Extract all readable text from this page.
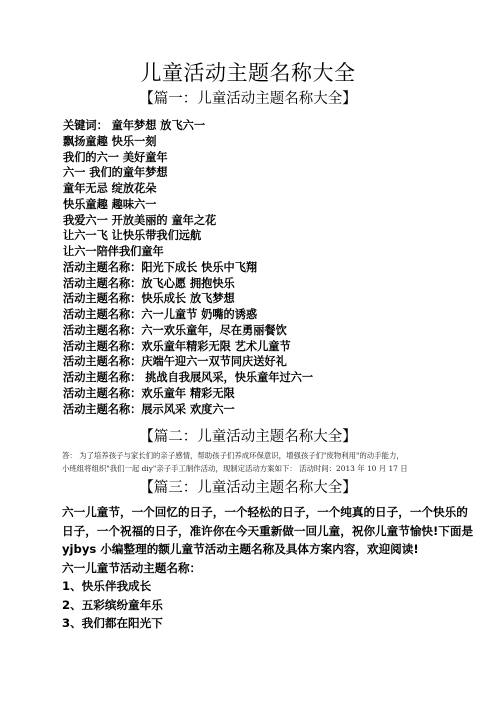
儿童活动主题名称大全
【篇一：儿童活动主题名称大全】
关键词： 童年梦想 放飞六一
飘扬童趣 快乐一刻
我们的六一 美好童年
六一 我们的童年梦想
童年无忌 绽放花朵
快乐童趣 趣味六一
我爱六一 开放美丽的 童年之花
让六一飞 让快乐带我们远航
让六一陪伴我们童年
活动主题名称：阳光下成长 快乐中飞翔
活动主题名称：放飞心愿 拥抱快乐
活动主题名称：快乐成长 放飞梦想
活动主题名称：六一儿童节 奶嘴的诱惑
活动主题名称：六一欢乐童年，尽在勇丽餐饮
活动主题名称：欢乐童年精彩无限 艺术儿童节
活动主题名称：庆端午迎六一双节同庆送好礼
活动主题名称： 挑战自我展风采，快乐童年过六一
活动主题名称：欢乐童年 精彩无限
活动主题名称：展示风采 欢度六一
【篇二：儿童活动主题名称大全】
答： 为了培养孩子与家长们的亲子感情，帮助孩子们养成环保意识，增强孩子们"废物利用"的动手能力，
小班组将组织"我们一起 diy"亲子手工制作活动，现制定活动方案如下： 活动时间：2013 年 10 月 17 日
【篇三：儿童活动主题名称大全】

六一儿童节，一个回忆的日子，一个轻松的日子，一个纯真的日子，一个快乐的日子，一个祝福的日子，准许你在今天重新做一回儿童，祝你儿童节愉快!下面是 yjbys 小编整理的额儿童节活动主题名称及具体方案内容，欢迎阅读!

六一儿童节活动主题名称：

1、快乐伴我成长

2、五彩缤纷童年乐

3、我们都在阳光下
